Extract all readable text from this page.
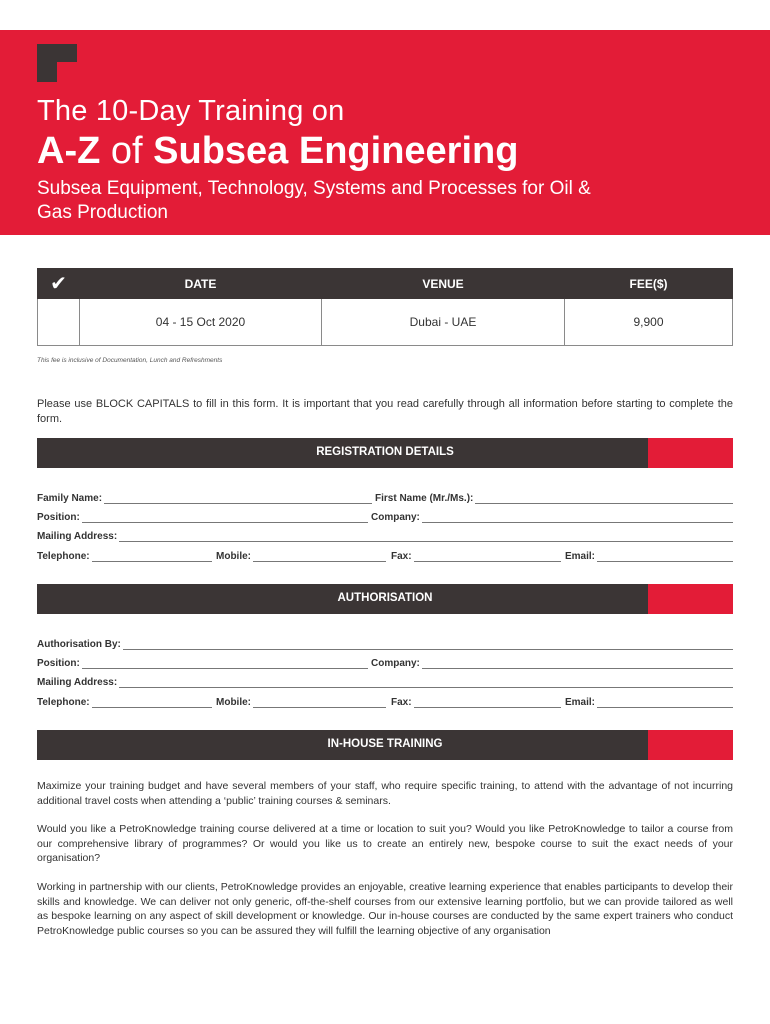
The 10-Day Training on
A-Z of Subsea Engineering
Subsea Equipment, Technology, Systems and Processes for Oil & Gas Production
✔	DATE	VENUE	FEE($)
	04 - 15 Oct 2020	Dubai - UAE	9,900
This fee is inclusive of Documentation, Lunch and Refreshments
Please use BLOCK CAPITALS to fill in this form. It is important that you read carefully through all information before starting to complete the form.
REGISTRATION DETAILS
Family Name:	First Name (Mr./Ms.):
Position:	Company:
Mailing Address:
Telephone:	Mobile:	Fax:	Email:
AUTHORISATION
Authorisation By:
Position:	Company:
Mailing Address:
Telephone:	Mobile:	Fax:	Email:
IN-HOUSE TRAINING
Maximize your training budget and have several members of your staff, who require specific training, to attend with the advantage of not incurring additional travel costs when attending a ‘public’ training courses & seminars.
Would you like a PetroKnowledge training course delivered at a time or location to suit you? Would you like PetroKnowledge to tailor a course from our comprehensive library of programmes? Or would you like us to create an entirely new, bespoke course to suit the exact needs of your organisation?
Working in partnership with our clients, PetroKnowledge provides an enjoyable, creative learning experience that enables participants to develop their skills and knowledge. We can deliver not only generic, off-the-shelf courses from our extensive learning portfolio, but we can provide tailored as well as bespoke learning on any aspect of skill development or knowledge. Our in-house courses are conducted by the same expert trainers who conduct PetroKnowledge public courses so you can be assured they will fulfill the learning objective of any organisation
